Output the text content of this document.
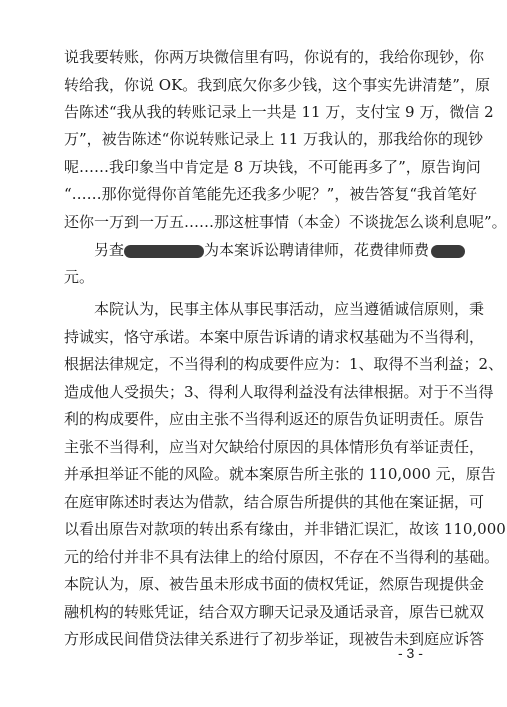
说我要转账，你两万块微信里有吗，你说有的，我给你现钞，你
转给我，你说 OK。我到底欠你多少钱，这个事实先讲清楚”，原
告陈述“我从我的转账记录上一共是 11 万，支付宝 9 万，微信 2
万”，被告陈述“你说转账记录上 11 万我认的，那我给你的现钞
呢……我印象当中肯定是 8 万块钱，不可能再多了”，原告询问
“……那你觉得你首笔能先还我多少呢？”，被告答复“我首笔好
还你一万到一万五……那这桩事情（本金）不谈拢怎么谈利息呢”。
另查	为本案诉讼聘请律师，花费律师费
元。
本院认为，民事主体从事民事活动，应当遵循诚信原则，秉
持诚实，恪守承诺。本案中原告诉请的请求权基础为不当得利，
根据法律规定，不当得利的构成要件应为：1、取得不当利益；2、
造成他人受损失；3、得利人取得利益没有法律根据。对于不当得
利的构成要件，应由主张不当得利返还的原告负证明责任。原告
主张不当得利，应当对欠缺给付原因的具体情形负有举证责任，
并承担举证不能的风险。就本案原告所主张的 110,000 元，原告
在庭审陈述时表达为借款，结合原告所提供的其他在案证据，可
以看出原告对款项的转出系有缘由，并非错汇误汇，故该 110,000
元的给付并非不具有法律上的给付原因，不存在不当得利的基础。
本院认为，原、被告虽未形成书面的债权凭证，然原告现提供金
融机构的转账凭证，结合双方聊天记录及通话录音，原告已就双
方形成民间借贷法律关系进行了初步举证，现被告未到庭应诉答
- 3 -
